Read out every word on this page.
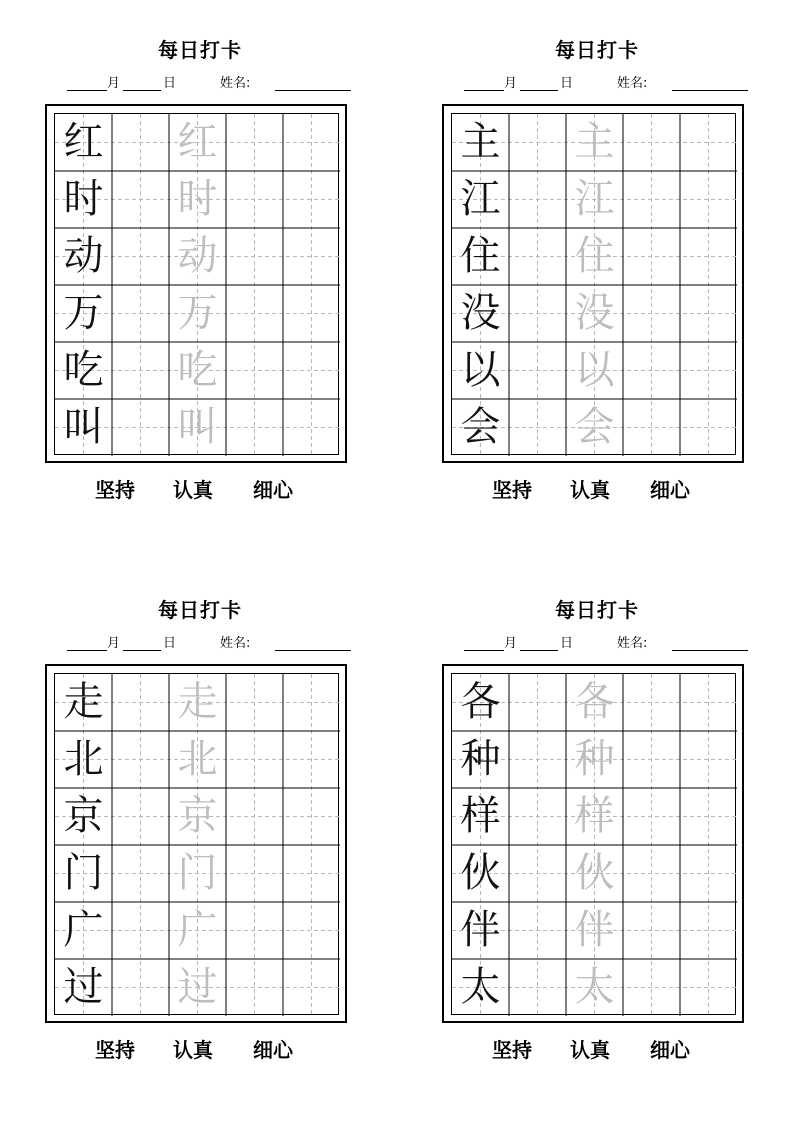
每日打卡
月	日	姓名:
红 红
时 时
动 动
万 万
吃 吃
叫 叫
坚持 认真 细心
每日打卡
月	日	姓名:
主 主
江 江
住 住
没 没
以 以
会 会
坚持 认真 细心
每日打卡
月	日	姓名:
走 走
北 北
京 京
门 门
广 广
过 过
坚持 认真 细心
每日打卡
月	日	姓名:
各 各
种 种
样 样
伙 伙
伴 伴
太 太
坚持 认真 细心
